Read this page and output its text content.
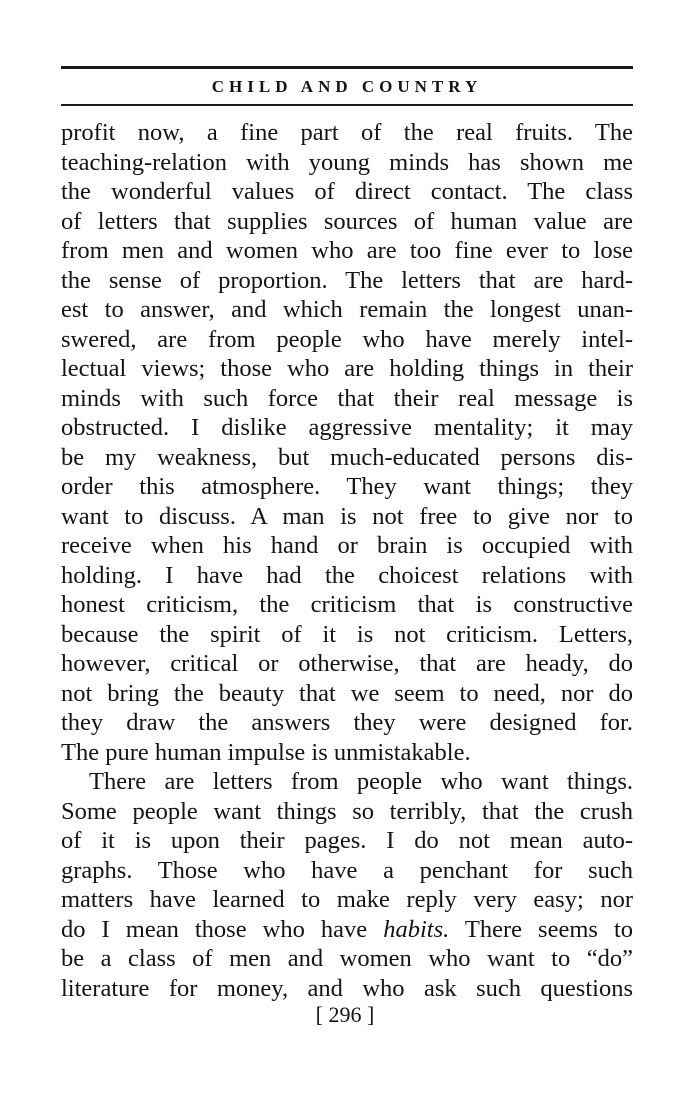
CHILD AND COUNTRY
profit now, a fine part of the real fruits. The
teaching-relation with young minds has shown me
the wonderful values of direct contact. The class
of letters that supplies sources of human value are
from men and women who are too fine ever to lose
the sense of proportion. The letters that are hard-
est to answer, and which remain the longest unan-
swered, are from people who have merely intel-
lectual views; those who are holding things in their
minds with such force that their real message is
obstructed. I dislike aggressive mentality; it may
be my weakness, but much-educated persons dis-
order this atmosphere. They want things; they
want to discuss. A man is not free to give nor to
receive when his hand or brain is occupied with
holding. I have had the choicest relations with
honest criticism, the criticism that is constructive
because the spirit of it is not criticism. Letters,
however, critical or otherwise, that are heady, do
not bring the beauty that we seem to need, nor do
they draw the answers they were designed for.
The pure human impulse is unmistakable.
There are letters from people who want things.
Some people want things so terribly, that the crush
of it is upon their pages. I do not mean auto-
graphs. Those who have a penchant for such
matters have learned to make reply very easy; nor
do I mean those who have habits. There seems to
be a class of men and women who want to “do”
literature for money, and who ask such questions
[ 296 ]
